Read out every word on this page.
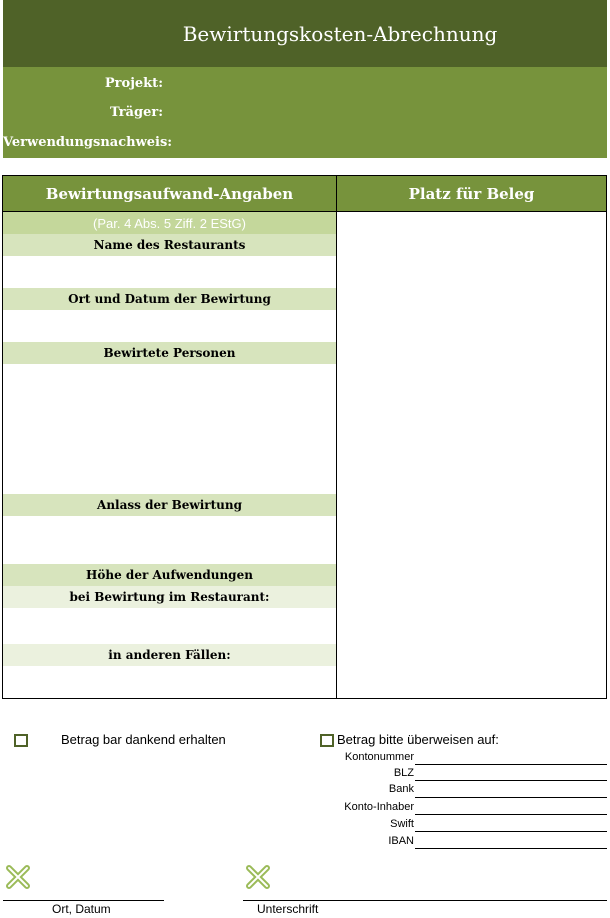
Bewirtungskosten-Abrechnung
Projekt:
Träger:
Verwendungsnachweis:
Bewirtungsaufwand-Angaben	Platz für Beleg
(Par. 4 Abs. 5 Ziff. 2 EStG)
Name des Restaurants
Ort und Datum der Bewirtung
Bewirtete Personen
Anlass der Bewirtung
Höhe der Aufwendungen
bei Bewirtung im Restaurant:
in anderen Fällen:
Betrag bar dankend erhalten	Betrag bitte überweisen auf:
Kontonummer
BLZ
Bank
Konto-Inhaber
Swift
IBAN
Ort, Datum	Unterschrift
